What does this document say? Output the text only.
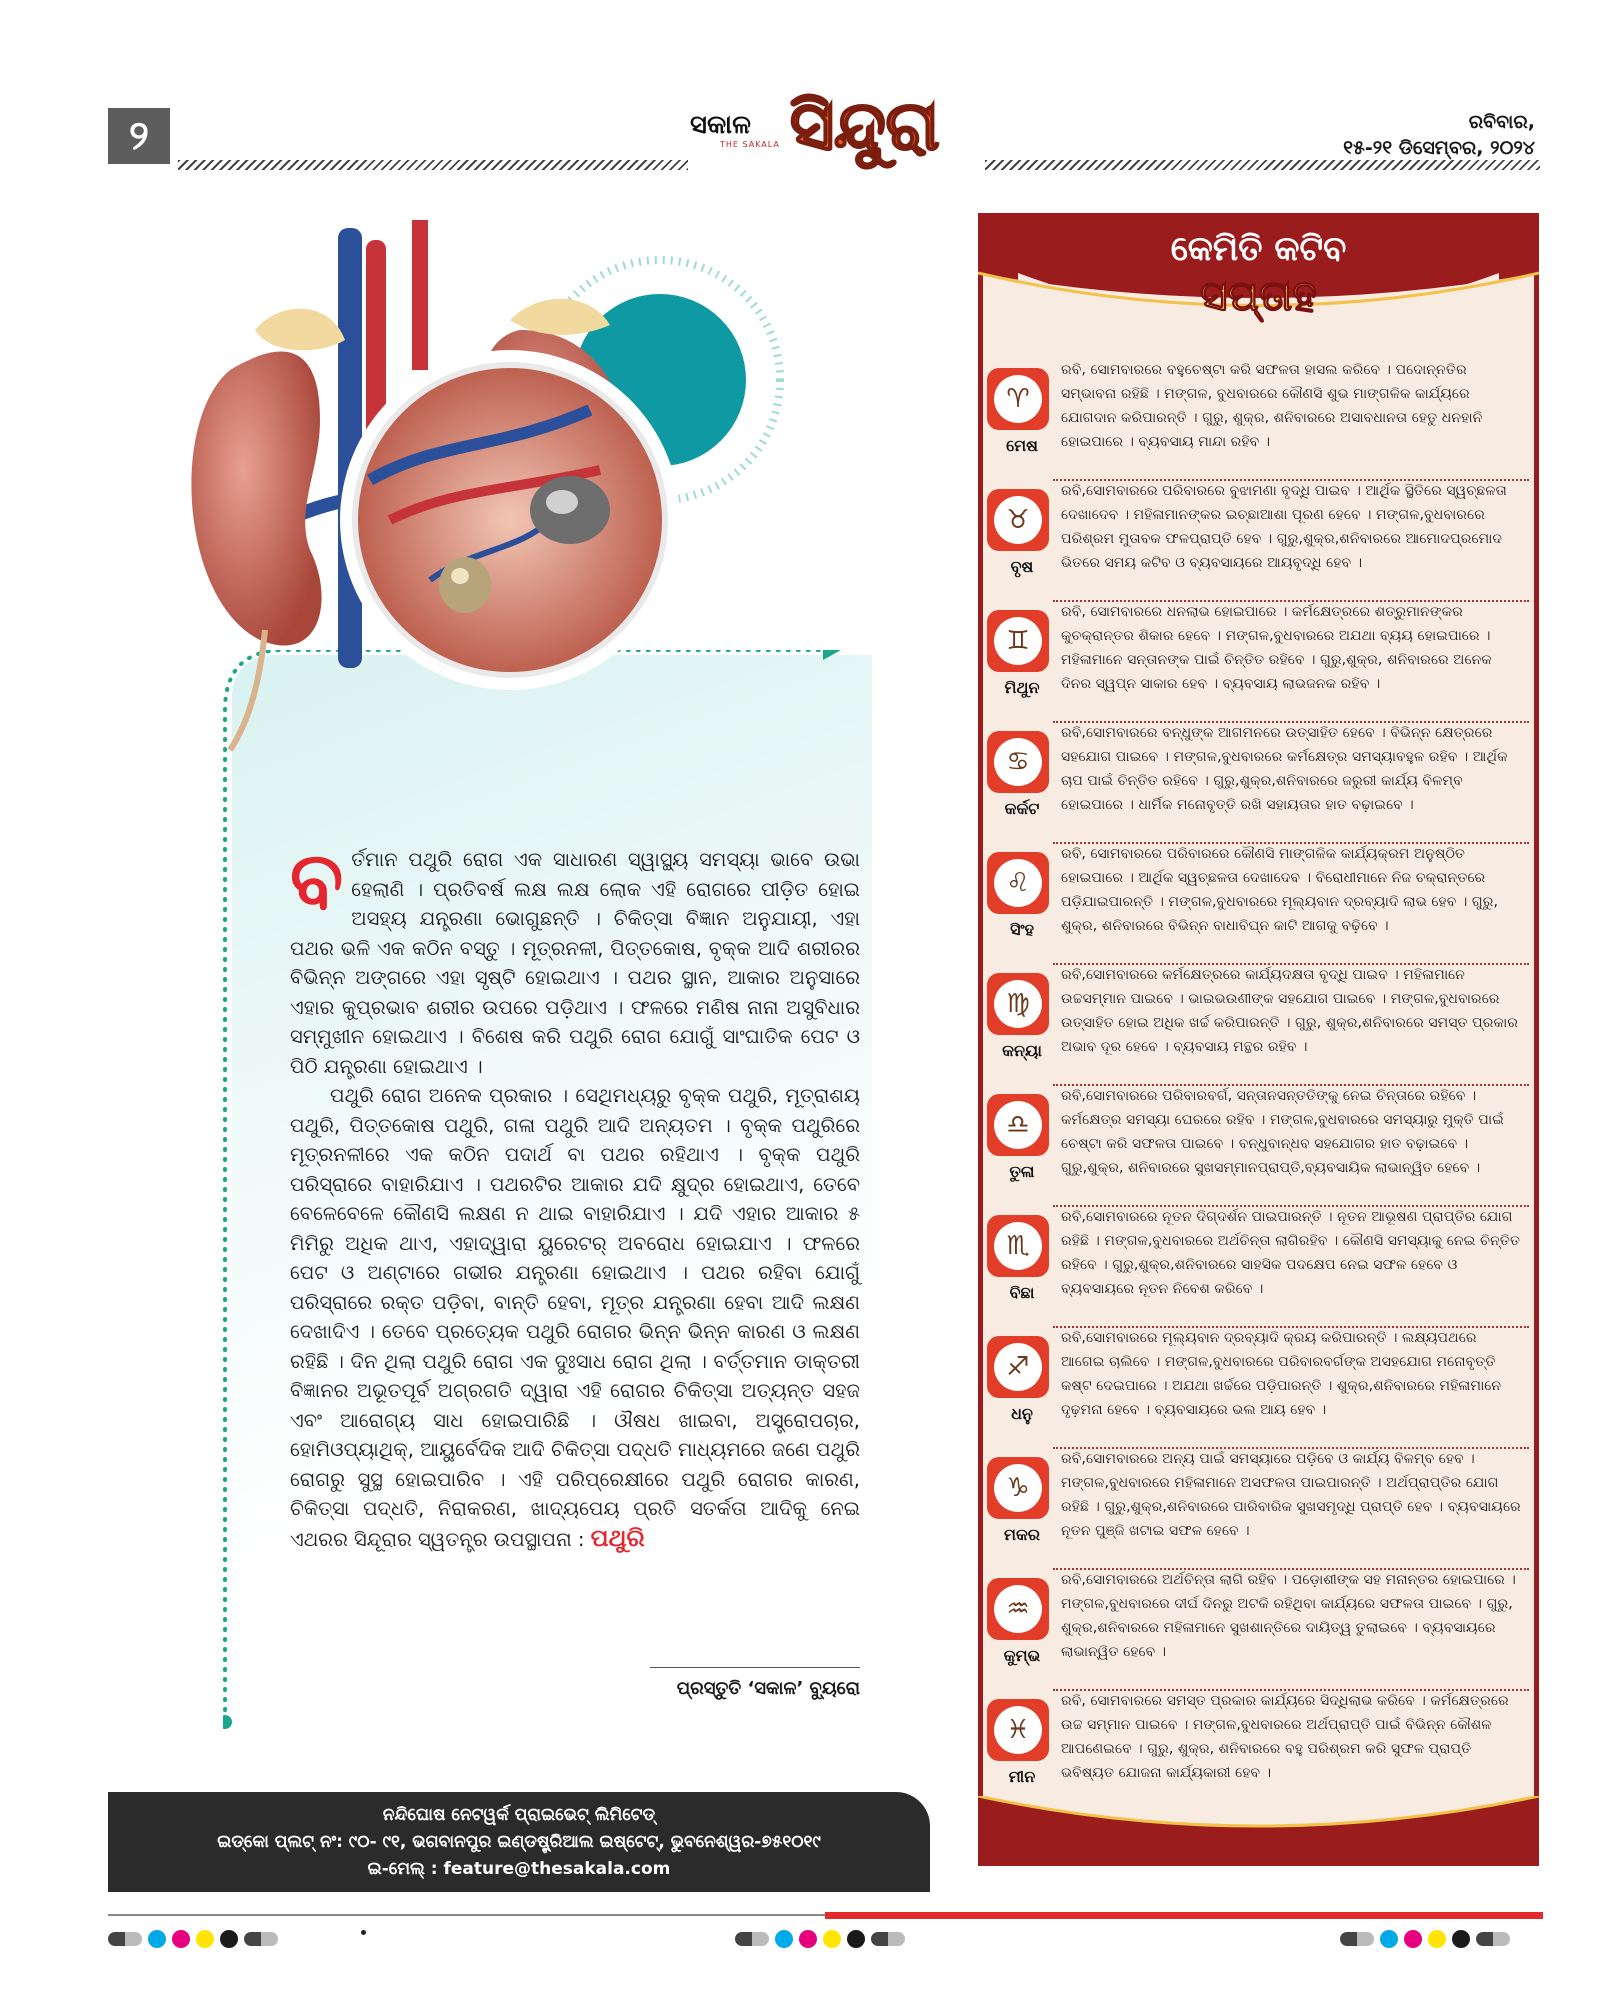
୨	ସକାଳ
THE SAKALA ସିନ୍ଦୁରା	ରବିବାର,
୧୫-୨୧ ଡିସେମ୍ବର, ୨୦୨୪
ବ ର୍ତମାନ ପଥୁରି ରୋଗ ଏକ ସାଧାରଣ ସ୍ୱାସ୍ଥ୍ୟ ସମସ୍ୟା ଭାବେ ଉଭା ହେଲାଣି । ପ୍ରତିବର୍ଷ ଲକ୍ଷ ଲକ୍ଷ ଲୋକ ଏହି ରୋଗରେ ପୀଡ଼ିତ ହୋଇ ଅସହ୍ୟ ଯନ୍ତ୍ରଣା ଭୋଗୁଛନ୍ତି । ଚିକିତ୍ସା ବିଜ୍ଞାନ ଅନୁଯାୟୀ, ଏହା ପଥର ଭଳି ଏକ କଠିନ ବସ୍ତୁ । ମୂତ୍ରନଳୀ, ପିତ୍ତକୋଷ, ବୃକ୍କ ଆଦି ଶରୀରର ବିଭିନ୍ନ ଅଙ୍ଗରେ ଏହା ସୃଷ୍ଟି ହୋଇଥାଏ । ପଥର ସ୍ଥାନ, ଆକାର ଅନୁସାରେ ଏହାର କୁପ୍ରଭାବ ଶରୀର ଉପରେ ପଡ଼ିଥାଏ । ଫଳରେ ମଣିଷ ନାନା ଅସୁବିଧାର ସମ୍ମୁଖୀନ ହୋଇଥାଏ । ବିଶେଷ କରି ପଥୁରି ରୋଗ ଯୋଗୁଁ ସାଂଘାତିକ ପେଟ ଓ ପିଠି ଯନ୍ତ୍ରଣା ହୋଇଥାଏ ।

ପଥୁରି ରୋଗ ଅନେକ ପ୍ରକାର । ସେଥିମଧ୍ୟରୁ ବୃକ୍କ ପଥୁରି, ମୂତ୍ରାଶୟ ପଥୁରି, ପିତ୍ତକୋଷ ପଥୁରି, ଗଳା ପଥୁରି ଆଦି ଅନ୍ୟତମ । ବୃକ୍କ ପଥୁରିରେ ମୂତ୍ରନଳୀରେ ଏକ କଠିନ ପଦାର୍ଥ ବା ପଥର ରହିଥାଏ । ବୃକ୍କ ପଥୁରି ପରିସ୍ରାରେ ବାହାରିଯାଏ । ପଥରଟିର ଆକାର ଯଦି କ୍ଷୁଦ୍ର ହୋଇଥାଏ, ତେବେ ବେଳେବେଳେ କୌଣସି ଲକ୍ଷଣ ନ ଥାଇ ବାହାରିଯାଏ । ଯଦି ଏହାର ଆକାର ୫ ମିମିରୁ ଅଧିକ ଥାଏ, ଏହାଦ୍ୱାରା ୟୁରେଟର୍ ଅବରୋଧ ହୋଇଯାଏ । ଫଳରେ ପେଟ ଓ ଅଣ୍ଟାରେ ଗଭୀର ଯନ୍ତ୍ରଣା ହୋଇଥାଏ । ପଥର ରହିବା ଯୋଗୁଁ ପରିସ୍ରାରେ ରକ୍ତ ପଡ଼ିବା, ବାନ୍ତି ହେବା, ମୂତ୍ର ଯନ୍ତ୍ରଣା ହେବା ଆଦି ଲକ୍ଷଣ ଦେଖାଦିଏ । ତେବେ ପ୍ରତ୍ୟେକ ପଥୁରି ରୋଗର ଭିନ୍ନ ଭିନ୍ନ କାରଣ ଓ ଲକ୍ଷଣ ରହିଛି । ଦିନ ଥିଲା ପଥୁରି ରୋଗ ଏକ ଦୁଃସାଧ ରୋଗ ଥିଲା । ବର୍ତ୍ତମାନ ଡାକ୍ତରୀ ବିଜ୍ଞାନର ଅଭୂତପୂର୍ବ ଅଗ୍ରଗତି ଦ୍ୱାରା ଏହି ରୋଗର ଚିକିତ୍ସା ଅତ୍ୟନ୍ତ ସହଜ ଏବଂ ଆରୋଗ୍ୟ ସାଧ ହୋଇପାରିଛି । ଔଷଧ ଖାଇବା, ଅସ୍ତ୍ରୋପଚାର, ହୋମିଓପ୍ୟାଥିକ୍, ଆୟୁର୍ବେଦିକ ଆଦି ଚିକିତ୍ସା ପଦ୍ଧତି ମାଧ୍ୟମରେ ଜଣେ ପଥୁରି ରୋଗରୁ ସୁସ୍ଥ ହୋଇପାରିବ । ଏହି ପରିପ୍ରେକ୍ଷୀରେ ପଥୁରି ରୋଗର କାରଣ, ଚିକିତ୍ସା ପଦ୍ଧତି, ନିରାକରଣ, ଖାଦ୍ୟପେୟ ପ୍ରତି ସତର୍କତା ଆଦିକୁ ନେଇ ଏଥରର ସିନ୍ଦୂରାର ସ୍ୱତନ୍ତ୍ର ଉପସ୍ଥାପନା : ପଥୁରି

ପ୍ରସ୍ତୁତି ‘ସକାଳ’ ବ୍ୟୁରୋ
ନନ୍ଦିଘୋଷ ନେଟୱର୍କ ପ୍ରାଇଭେଟ୍ ଲିମିଟେଡ୍
ଇଡ୍‌କୋ ପ୍ଲଟ୍ ନଂ: ୯୦- ୯୧, ଭଗବାନପୁର ଇଣ୍ଡଷ୍ଟ୍ରିଆଲ ଇଷ୍ଟେଟ୍, ଭୁବନେଶ୍ୱର-୭୫୧୦୧୯
ଇ-ମେଲ୍ : feature@thesakala.com
କେମିତି କଟିବ
ସପ୍ତାହ
♈
ମେଷ
ରବି, ସୋମବାରରେ ବହୁଚେଷ୍ଟା କରି ସଫଳତା ହାସଲ କରିବେ । ପଦୋନ୍ନତିର ସମ୍ଭାବନା ରହିଛି । ମଙ୍ଗଳ, ବୁଧବାରରେ କୌଣସି ଶୁଭ ମାଙ୍ଗଳିକ କାର୍ଯ୍ୟରେ ଯୋଗଦାନ କରିପାରନ୍ତି । ଗୁରୁ, ଶୁକ୍ର, ଶନିବାରରେ ଅସାବଧାନତା ହେତୁ ଧନହାନି ହୋଇପାରେ । ବ୍ୟବସାୟ ମାନ୍ଦା ରହିବ ।
♉
ବୃଷ
ରବି,ସୋମବାରରେ ପରିବାରରେ ବୁଝାମଣା ବୃଦ୍ଧି ପାଇବ । ଆର୍ଥିକ ସ୍ଥିତିରେ ସ୍ୱଚ୍ଛଳତା ଦେଖାଦେବ । ମହିଳାମାନଙ୍କର ଇଚ୍ଛାଆଶା ପୂରଣ ହେବେ । ମଙ୍ଗଳ,ବୁଧବାରରେ ପରିଶ୍ରମ ମୁତାବକ ଫଳପ୍ରାପ୍ତି ହେବ । ଗୁରୁ,ଶୁକ୍ର,ଶନିବାରରେ ଆମୋଦପ୍ରମୋଦ ଭିତରେ ସମୟ କଟିବ ଓ ବ୍ୟବସାୟରେ ଆୟବୃଦ୍ଧି ହେବ ।
♊
ମିଥୁନ
ରବି, ସୋମବାରରେ ଧନଲାଭ ହୋଇପାରେ । କର୍ମକ୍ଷେତ୍ରରେ ଶତ୍ରୁମାନଙ୍କର କୁଚକ୍ରାନ୍ତର ଶିକାର ହେବେ । ମଙ୍ଗଳ,ବୁଧବାରରେ ଅଯଥା ବ୍ୟୟ ହୋଇପାରେ । ମହିଳାମାନେ ସନ୍ତାନଙ୍କ ପାଇଁ ଚିନ୍ତିତ ରହିବେ । ଗୁରୁ,ଶୁକ୍ର, ଶନିବାରରେ ଅନେକ ଦିନର ସ୍ୱପ୍ନ ସାକାର ହେବ । ବ୍ୟବସାୟ ଲାଭଜନକ ରହିବ ।
♋
କର୍କଟ
ରବି,ସୋମବାରରେ ବନ୍ଧୁଙ୍କ ଆଗମନରେ ଉତ୍ସାହିତ ହେବେ । ବିଭିନ୍ନ କ୍ଷେତ୍ରରେ ସହଯୋଗ ପାଇବେ । ମଙ୍ଗଳ,ବୁଧବାରରେ କର୍ମକ୍ଷେତ୍ର ସମସ୍ୟାବହୁଳ ରହିବ । ଆର୍ଥିକ ଚାପ ପାଇଁ ଚିନ୍ତିତ ରହିବେ । ଗୁରୁ,ଶୁକ୍ର,ଶନିବାରରେ ଜରୁରୀ କାର୍ଯ୍ୟ ବିଳମ୍ବ ହୋଇପାରେ । ଧାର୍ମିକ ମନୋବୃତ୍ତି ରଖି ସହାୟତାର ହାତ ବଢ଼ାଇବେ ।
♌
ସିଂହ
ରବି, ସୋମବାରରେ ପରିବାରରେ କୌଣସି ମାଙ୍ଗଳିକ କାର୍ଯ୍ୟକ୍ରମ ଅନୁଷ୍ଠିତ ହୋଇପାରେ । ଆର୍ଥିକ ସ୍ୱଚ୍ଛଳତା ଦେଖାଦେବ । ବିରୋଧୀମାନେ ନିଜ ଚକ୍ରାନ୍ତରେ ପଡ଼ିଯାଇପାରନ୍ତି । ମଙ୍ଗଳ,ବୁଧବାରରେ ମୂଲ୍ୟବାନ ଦ୍ରବ୍ୟାଦି ଲାଭ ହେବ । ଗୁରୁ, ଶୁକ୍ର, ଶନିବାରରେ ବିଭିନ୍ନ ବାଧାବିଘ୍ନ କାଟି ଆଗକୁ ବଢ଼ିବେ ।
♍
କନ୍ୟା
ରବି,ସୋମବାରରେ କର୍ମକ୍ଷେତ୍ରରେ କାର୍ଯ୍ୟଦକ୍ଷତା ବୃଦ୍ଧି ପାଇବ । ମହିଳାମାନେ ଉଚ୍ଚସମ୍ମାନ ପାଇବେ । ଭାଇଭଉଣୀଙ୍କ ସହଯୋଗ ପାଇବେ । ମଙ୍ଗଳ,ବୁଧବାରରେ ଉତ୍ସାହିତ ହୋଇ ଅଧିକ ଖର୍ଚ୍ଚ କରିପାରନ୍ତି । ଗୁରୁ, ଶୁକ୍ର,ଶନିବାରରେ ସମସ୍ତ ପ୍ରକାର ଅଭାବ ଦୂର ହେବେ । ବ୍ୟବସାୟ ମନ୍ଥର ରହିବ ।
♎
ତୁଳା
ରବି,ସୋମବାରରେ ପରିବାରବର୍ଗ, ସନ୍ତାନସନ୍ତତିଙ୍କୁ ନେଇ ଚିନ୍ତାରେ ରହିବେ । କର୍ମକ୍ଷେତ୍ର ସମସ୍ୟା ଘେରରେ ରହିବ । ମଙ୍ଗଳ,ବୁଧବାରରେ ସମସ୍ୟାରୁ ମୁକ୍ତି ପାଇଁ ଚେଷ୍ଟା କରି ସଫଳତା ପାଇବେ । ବନ୍ଧୁବାନ୍ଧବ ସହଯୋଗର ହାତ ବଢ଼ାଇବେ । ଗୁରୁ,ଶୁକ୍ର, ଶନିବାରରେ ସୁଖସମ୍ମାନପ୍ରାପ୍ତି,ବ୍ୟବସାୟିକ ଲାଭାନ୍ୱିତ ହେବେ ।
♏
ବିଛା
ରବି,ସୋମବାରରେ ନୂତନ ଦିଗ୍‌ଦର୍ଶନ ପାଇପାରନ୍ତି । ନୂତନ ଆଭୂଷଣ ପ୍ରାପ୍ତିର ଯୋଗ ରହିଛି । ମଙ୍ଗଳ,ବୁଧବାରରେ ଅର୍ଥଚିନ୍ତା ଲାଗିରହିବ । କୌଣସି ସମସ୍ୟାକୁ ନେଇ ଚିନ୍ତିତ ରହିବେ । ଗୁରୁ,ଶୁକ୍ର,ଶନିବାରରେ ସାହସିକ ପଦକ୍ଷେପ ନେଇ ସଫଳ ହେବେ ଓ ବ୍ୟବସାୟରେ ନୂତନ ନିବେଶ କରିବେ ।
♐
ଧନୁ
ରବି,ସୋମବାରରେ ମୂଲ୍ୟବାନ ଦ୍ରବ୍ୟାଦି କ୍ରୟ କରିପାରନ୍ତି । ଲକ୍ଷ୍ୟପଥରେ ଆଗେଇ ଚାଲିବେ । ମଙ୍ଗଳ,ବୁଧବାରରେ ପରିବାରବର୍ଗଙ୍କ ଅସହଯୋଗ ମନୋବୃତ୍ତି କଷ୍ଟ ଦେଇପାରେ । ଅଯଥା ଖର୍ଚ୍ଚରେ ପଡ଼ିପାରନ୍ତି । ଶୁକ୍ର,ଶନିବାରରେ ମହିଳାମାନେ ଦୃଢ଼ମନା ହେବେ । ବ୍ୟବସାୟରେ ଭଲ ଆୟ ହେବ ।
♑
ମକର
ରବି,ସୋମବାରରେ ଅନ୍ୟ ପାଇଁ ସମସ୍ୟାରେ ପଡ଼ିବେ ଓ କାର୍ଯ୍ୟ ବିଳମ୍ବ ହେବ । ମଙ୍ଗଳ,ବୁଧବାରରେ ମହିଳାମାନେ ଅସଫଳତା ପାଇପାରନ୍ତି । ଅର୍ଥପ୍ରାପ୍ତିର ଯୋଗ ରହିଛି । ଗୁରୁ,ଶୁକ୍ର,ଶନିବାରରେ ପାରିବାରିକ ସୁଖସମୃଦ୍ଧି ପ୍ରାପ୍ତି ହେବ । ବ୍ୟବସାୟରେ ନୂତନ ପୁଞ୍ଜି ଖଟାଇ ସଫଳ ହେବେ ।
♒
କୁମ୍ଭ
ରବି,ସୋମବାରରେ ଅର୍ଥଚିନ୍ତା ଲାଗି ରହିବ । ପଡ଼ୋଶୀଙ୍କ ସହ ମନାନ୍ତର ହୋଇପାରେ । ମଙ୍ଗଳ,ବୁଧବାରରେ ଦୀର୍ଘ ଦିନରୁ ଅଟକି ରହିଥିବା କାର୍ଯ୍ୟରେ ସଫଳତା ପାଇବେ । ଗୁରୁ, ଶୁକ୍ର,ଶନିବାରରେ ମହିଳାମାନେ ସୁଖଶାନ୍ତିରେ ଦାୟିତ୍ୱ ତୁଲାଇବେ । ବ୍ୟବସାୟରେ ଲାଭାନ୍ୱିତ ହେବେ ।
♓
ମୀନ
ରବି, ସୋମବାରରେ ସମସ୍ତ ପ୍ରକାର କାର୍ଯ୍ୟରେ ସିଦ୍ଧିଲାଭ କରିବେ । କର୍ମକ୍ଷେତ୍ରରେ ଉଚ୍ଚ ସମ୍ମାନ ପାଇବେ । ମଙ୍ଗଳ,ବୁଧବାରରେ ଅର୍ଥପ୍ରାପ୍ତି ପାଇଁ ବିଭିନ୍ନ କୌଶଳ ଆପଣେଇବେ । ଗୁରୁ, ଶୁକ୍ର, ଶନିବାରରେ ବହୁ ପରିଶ୍ରମ କରି ସୁଫଳ ପ୍ରାପ୍ତି ଭବିଷ୍ୟତ ଯୋଜନା କାର୍ଯ୍ୟକାରୀ ହେବ ।
